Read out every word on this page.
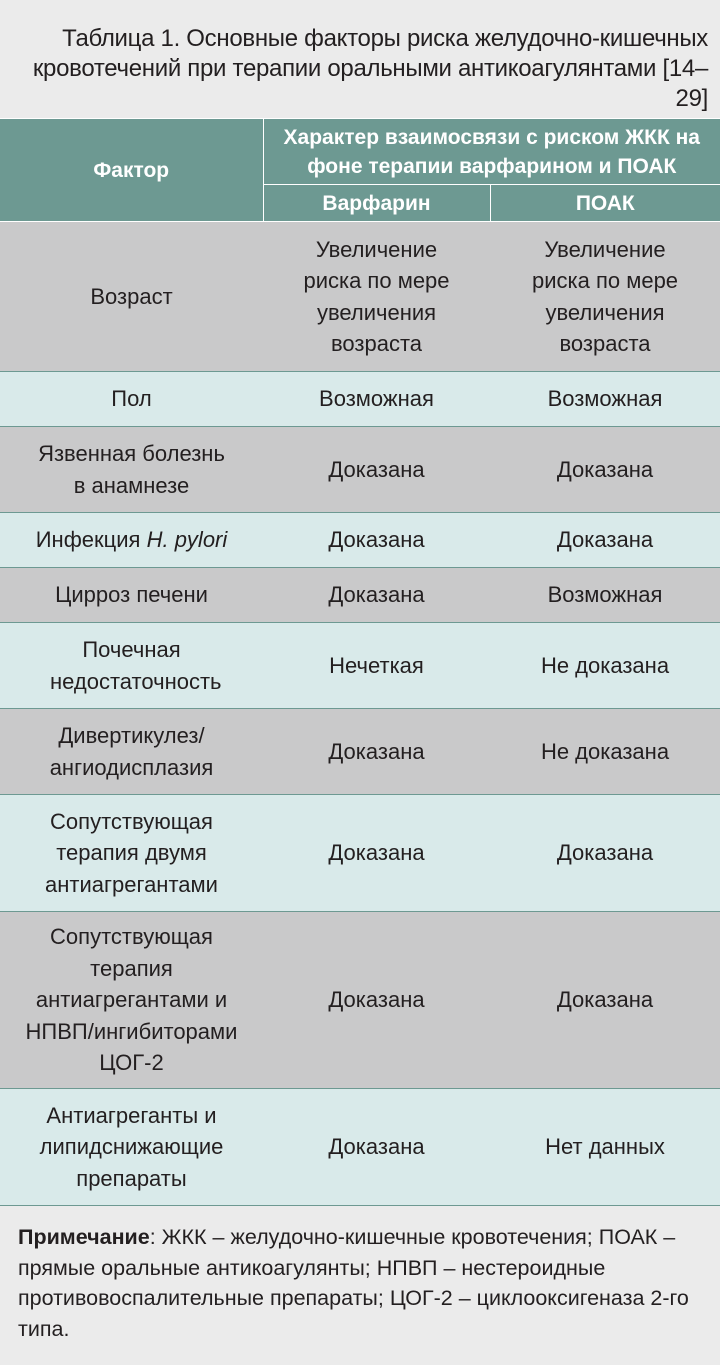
Таблица 1. Основные факторы риска желудочно-кишечных кровотечений при терапии оральными антикоагулянтами [14–29]
Фактор	Характер взаимосвязи с риском ЖКК на фоне терапии варфарином и ПОАК	
	Варфарин	ПОАК
Возраст	Увеличение риска по мере увеличения возраста	Увеличение риска по мере увеличения возраста
Пол	Возможная	Возможная
Язвенная болезнь в анамнезе	Доказана	Доказана
Инфекция H. pylori	Доказана	Доказана
Цирроз печени	Доказана	Возможная
Почечная недостаточность	Нечеткая	Не доказана
Дивертикулез/ ангиодисплазия	Доказана	Не доказана
Сопутствующая терапия двумя антиагрегантами	Доказана	Доказана
Сопутствующая терапия антиагрегантами и НПВП/ингибиторами ЦОГ-2	Доказана	Доказана
Антиагреганты и липидснижающие препараты	Доказана	Нет данных
Примечание: ЖКК – желудочно-кишечные кровотечения; ПОАК – прямые оральные антикоагулянты; НПВП – нестероидные противовоспалительные препараты; ЦОГ-2 – циклооксигеназа 2-го типа.
